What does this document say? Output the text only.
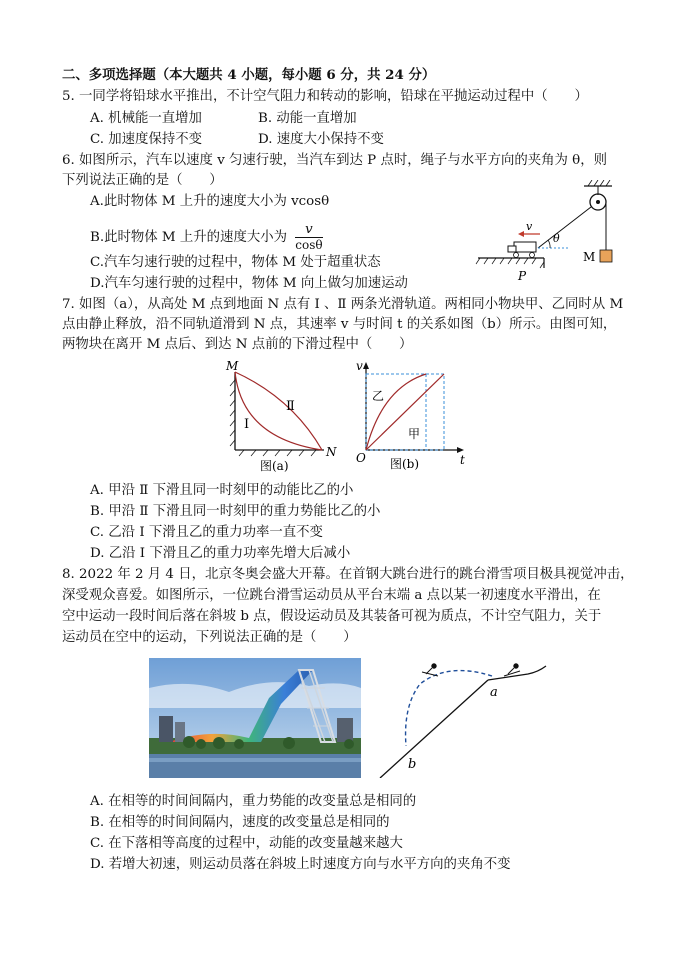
二、多项选择题（本大题共 4 小题，每小题 6 分，共 24 分）
5. 一同学将铅球水平推出，不计空气阻力和转动的影响，铅球在平抛运动过程中（　　）
A. 机械能一直增加	B. 动能一直增加
C. 加速度保持不变	D. 速度大小保持不变
6. 如图所示，汽车以速度 v 匀速行驶，当汽车到达 P 点时，绳子与水平方向的夹角为 θ，则
下列说法正确的是（　　）
A.此时物体 M 上升的速度大小为 vcosθ
B.此时物体 M 上升的速度大小为 $\frac{v}{\cos\theta}$
C.汽车匀速行驶的过程中，物体 M 处于超重状态
D.汽车匀速行驶的过程中，物体 M 向上做匀加速运动
M
v
θ
P
7. 如图（a），从高处 M 点到地面 N 点有 Ⅰ 、Ⅱ 两条光滑轨道。两相同小物块甲、乙同时从 M
点由静止释放，沿不同轨道滑到 N 点，其速率 v 与时间 t 的关系如图（b）所示。由图可知，
两物块在离开 M 点后、到达 N 点前的下滑过程中（　　）
M
Ⅰ
Ⅱ
N
图(a)
v
t
O
乙
甲
图(b)
A. 甲沿 Ⅱ 下滑且同一时刻甲的动能比乙的小
B. 甲沿 Ⅱ 下滑且同一时刻甲的重力势能比乙的小
C. 乙沿 Ⅰ 下滑且乙的重力功率一直不变
D. 乙沿 Ⅰ 下滑且乙的重力功率先增大后减小
8. 2022 年 2 月 4 日，北京冬奥会盛大开幕。在首钢大跳台进行的跳台滑雪项目极具视觉冲击，
深受观众喜爱。如图所示，一位跳台滑雪运动员从平台末端 a 点以某一初速度水平滑出，在
空中运动一段时间后落在斜坡 b 点，假设运动员及其装备可视为质点，不计空气阻力，关于
运动员在空中的运动，下列说法正确的是（　　）
a
b
A. 在相等的时间间隔内，重力势能的改变量总是相同的
B. 在相等的时间间隔内，速度的改变量总是相同的
C. 在下落相等高度的过程中，动能的改变量越来越大
D. 若增大初速，则运动员落在斜坡上时速度方向与水平方向的夹角不变
